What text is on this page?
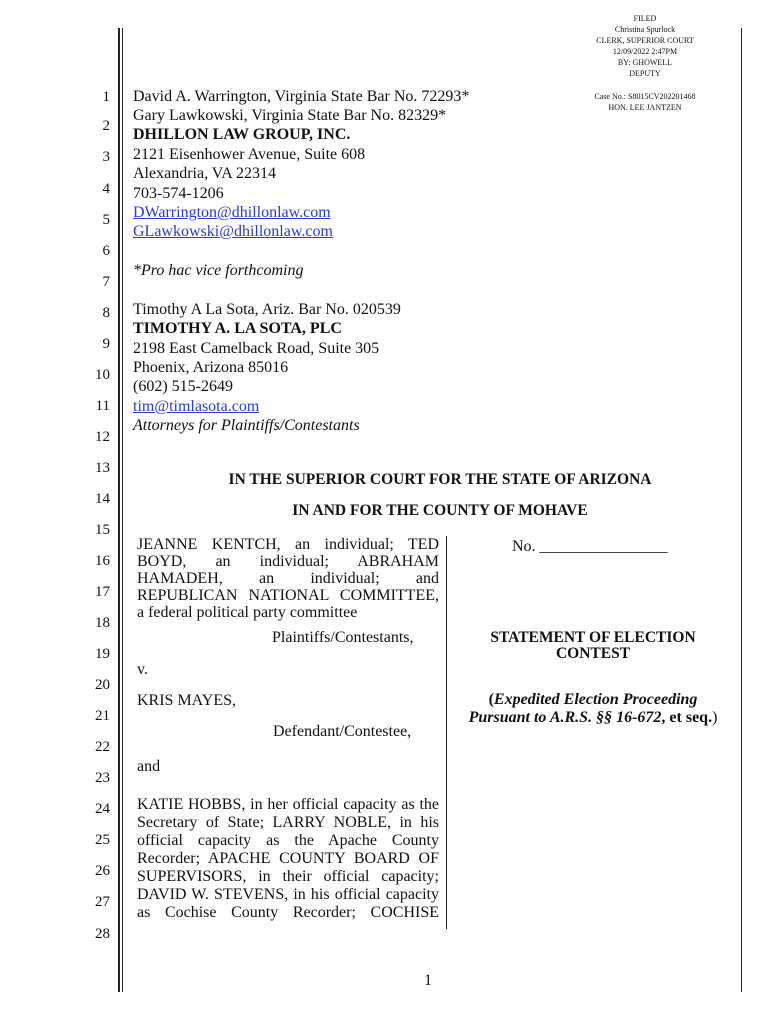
FILED
Christina Spurlock
CLERK, SUPERIOR COURT
12/09/2022 2:47PM
BY: GHOWELL
DEPUTY
Case No.: S8015CV202201468
HON. LEE JANTZEN
1
2
3
4
5
6
7
8
9
10
11
12
13
14
15
16
17
18
19
20
21
22
23
24
25
26
27
28
David A. Warrington, Virginia State Bar No. 72293*
Gary Lawkowski, Virginia State Bar No. 82329*
DHILLON LAW GROUP, INC.
2121 Eisenhower Avenue, Suite 608
Alexandria, VA 22314
703-574-1206
DWarrington@dhillonlaw.com
GLawkowski@dhillonlaw.com
*Pro hac vice forthcoming
Timothy A La Sota, Ariz. Bar No. 020539
TIMOTHY A. LA SOTA, PLC
2198 East Camelback Road, Suite 305
Phoenix, Arizona 85016
(602) 515-2649
tim@timlasota.com
Attorneys for Plaintiffs/Contestants
IN THE SUPERIOR COURT FOR THE STATE OF ARIZONA
IN AND FOR THE COUNTY OF MOHAVE
JEANNE KENTCH, an individual; TED
BOYD, an individual; ABRAHAM
HAMADEH, an individual; and
REPUBLICAN NATIONAL COMMITTEE,
a federal political party committee
Plaintiffs/Contestants,
v.
KRIS MAYES,
Defendant/Contestee,
and
KATIE HOBBS, in her official capacity as the
Secretary of State; LARRY NOBLE, in his
official capacity as the Apache County
Recorder; APACHE COUNTY BOARD OF
SUPERVISORS, in their official capacity;
DAVID W. STEVENS, in his official capacity
as Cochise County Recorder; COCHISE
No. ________________
STATEMENT OF ELECTION
CONTEST
(Expedited Election Proceeding
Pursuant to A.R.S. §§ 16-672, et seq.)
1
